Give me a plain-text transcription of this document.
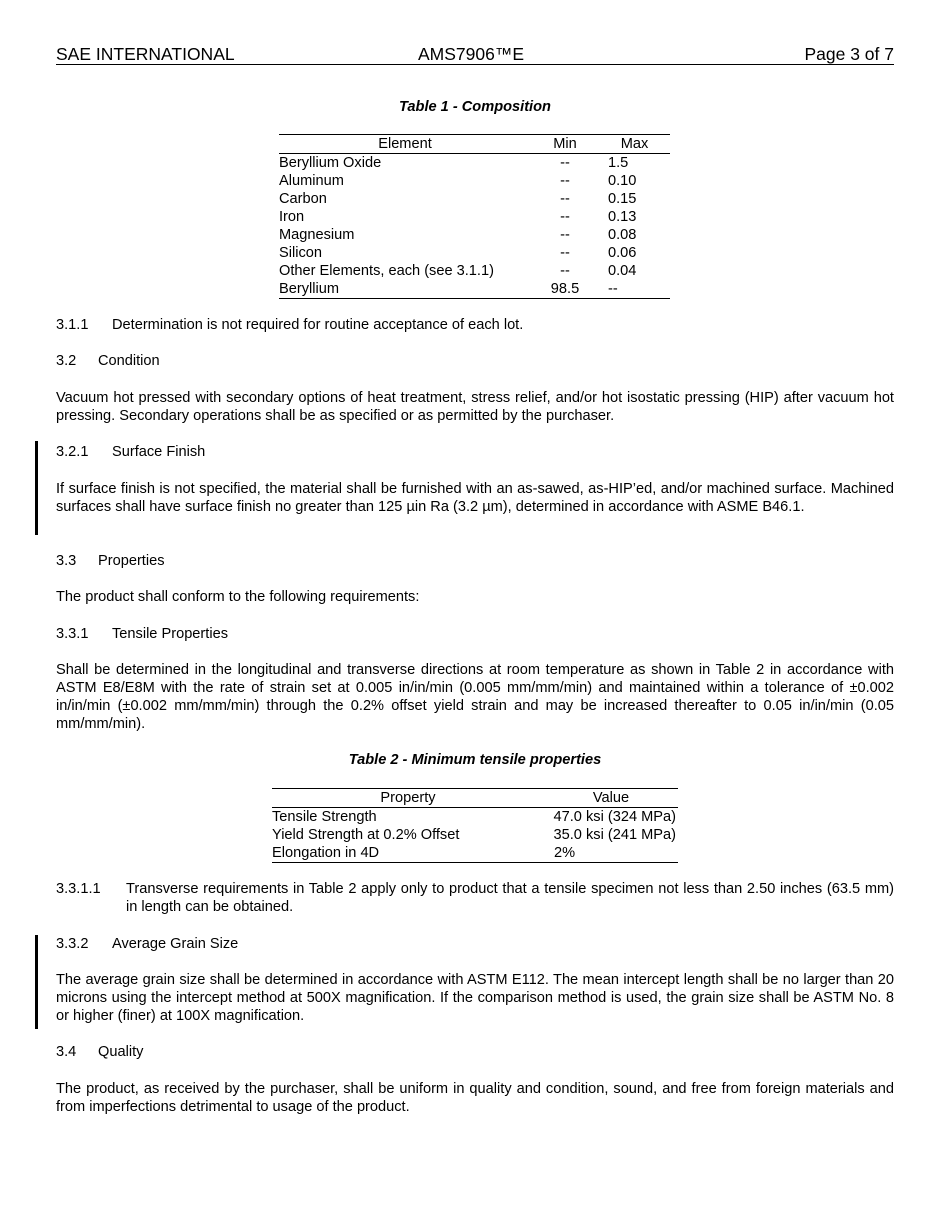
SAE INTERNATIONAL	AMS7906™E	Page 3 of 7
Table 1 - Composition
Element	Min	Max
Beryllium Oxide	--	1.5
Aluminum	--	0.10
Carbon	--	0.15
Iron	--	0.13
Magnesium	--	0.08
Silicon	--	0.06
Other Elements, each (see 3.1.1)	--	0.04
Beryllium	98.5	--
3.1.1 Determination is not required for routine acceptance of each lot.
3.2 Condition
Vacuum hot pressed with secondary options of heat treatment, stress relief, and/or hot isostatic pressing (HIP) after vacuum hot pressing. Secondary operations shall be as specified or as permitted by the purchaser.
3.2.1 Surface Finish
If surface finish is not specified, the material shall be furnished with an as-sawed, as-HIP’ed, and/or machined surface. Machined surfaces shall have surface finish no greater than 125 µin Ra (3.2 µm), determined in accordance with ASME B46.1.
3.3 Properties
The product shall conform to the following requirements:
3.3.1 Tensile Properties
Shall be determined in the longitudinal and transverse directions at room temperature as shown in Table 2 in accordance with ASTM E8/E8M with the rate of strain set at 0.005 in/in/min (0.005 mm/mm/min) and maintained within a tolerance of ±0.002 in/in/min (±0.002 mm/mm/min) through the 0.2% offset yield strain and may be increased thereafter to 0.05 in/in/min (0.05 mm/mm/min).
Table 2 - Minimum tensile properties
Property	Value
Tensile Strength	47.0 ksi (324 MPa)
Yield Strength at 0.2% Offset	35.0 ksi (241 MPa)
Elongation in 4D	2%
3.3.1.1 Transverse requirements in Table 2 apply only to product that a tensile specimen not less than 2.50 inches (63.5 mm) in length can be obtained.
3.3.2 Average Grain Size
The average grain size shall be determined in accordance with ASTM E112. The mean intercept length shall be no larger than 20 microns using the intercept method at 500X magnification. If the comparison method is used, the grain size shall be ASTM No. 8 or higher (finer) at 100X magnification.
3.4 Quality
The product, as received by the purchaser, shall be uniform in quality and condition, sound, and free from foreign materials and from imperfections detrimental to usage of the product.
